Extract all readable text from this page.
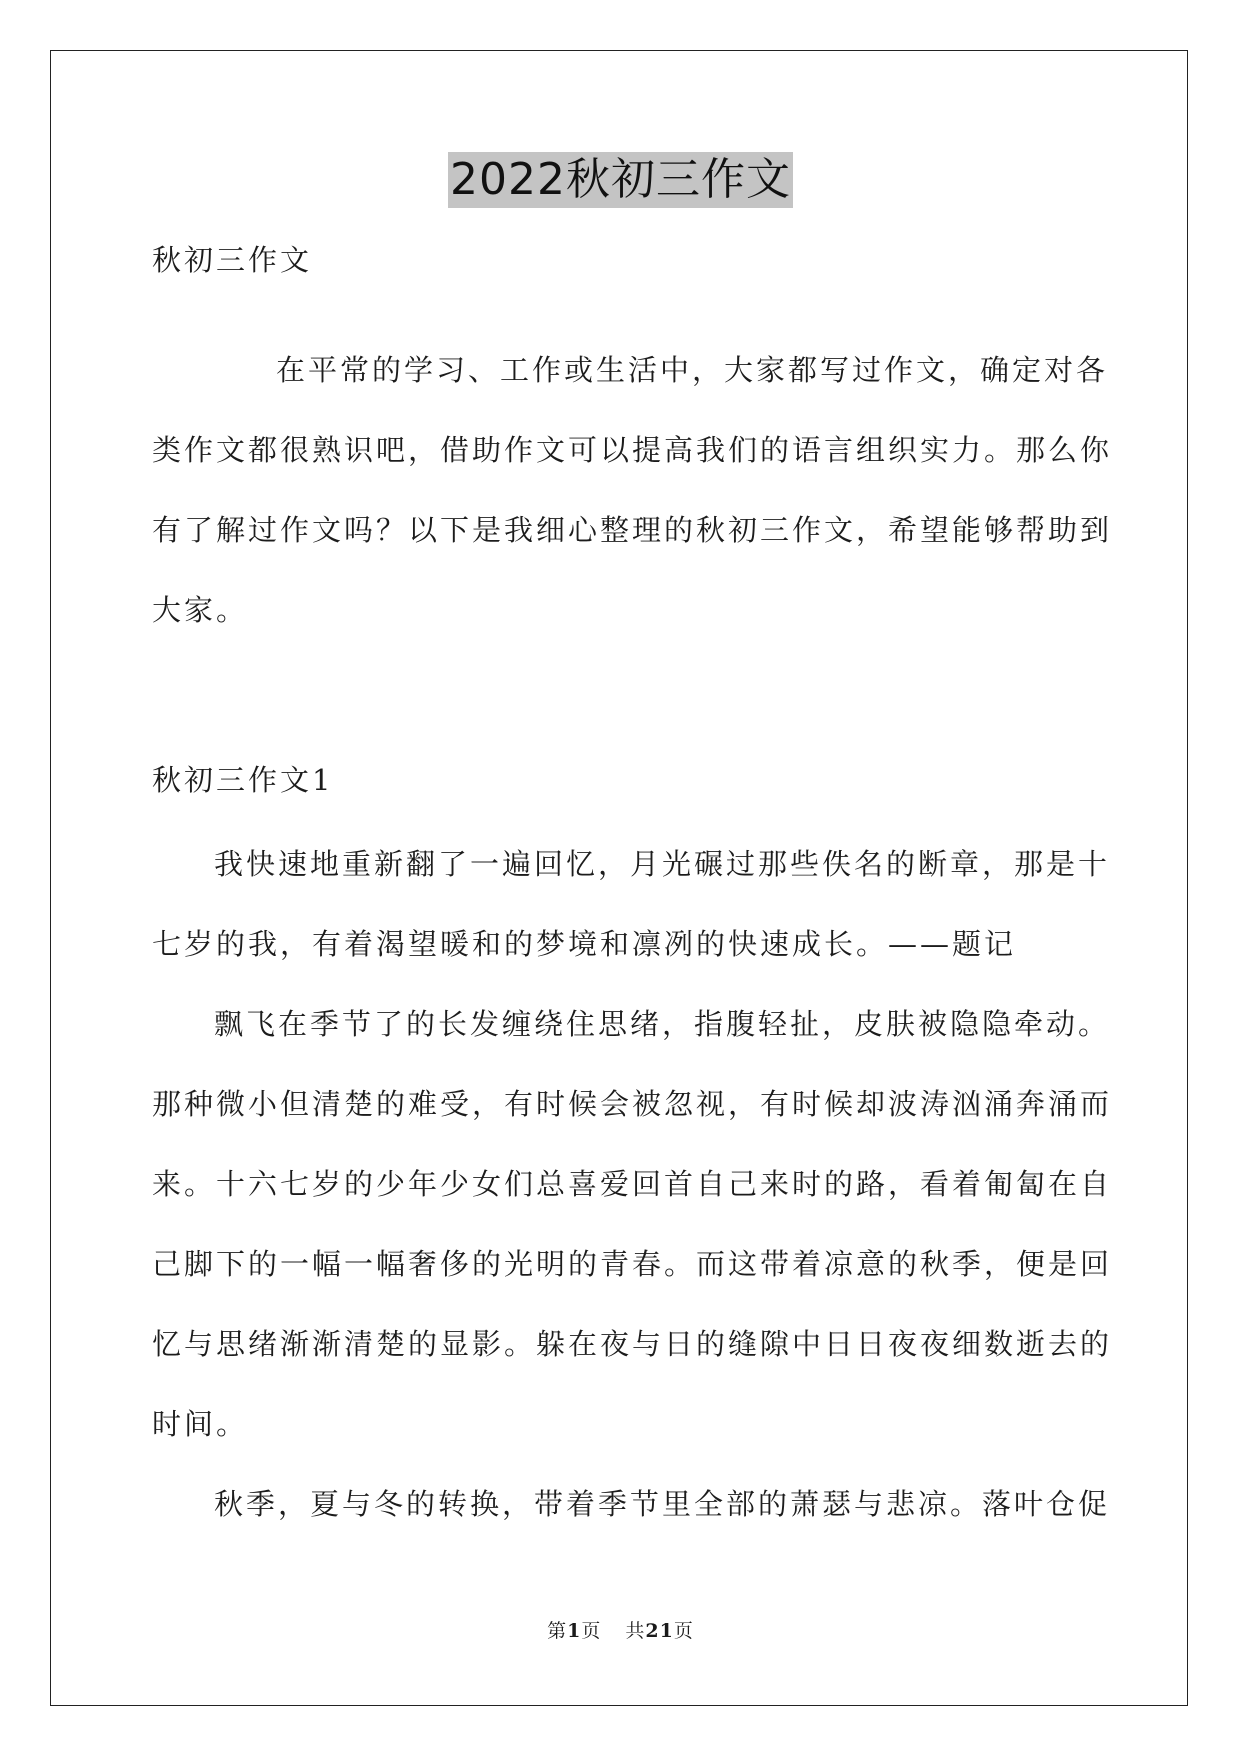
2022秋初三作文
秋初三作文
在平常的学习、工作或生活中，大家都写过作文，确定对各
类作文都很熟识吧，借助作文可以提高我们的语言组织实力。那么你
有了解过作文吗？以下是我细心整理的秋初三作文，希望能够帮助到
大家。
秋初三作文1
我快速地重新翻了一遍回忆，月光碾过那些佚名的断章，那是十
七岁的我，有着渴望暖和的梦境和凛冽的快速成长。——题记
飘飞在季节了的长发缠绕住思绪，指腹轻扯，皮肤被隐隐牵动。
那种微小但清楚的难受，有时候会被忽视，有时候却波涛汹涌奔涌而
来。十六七岁的少年少女们总喜爱回首自己来时的路，看着匍匐在自
己脚下的一幅一幅奢侈的光明的青春。而这带着凉意的秋季，便是回
忆与思绪渐渐清楚的显影。躲在夜与日的缝隙中日日夜夜细数逝去的
时间。
秋季，夏与冬的转换，带着季节里全部的萧瑟与悲凉。落叶仓促
第1页 共21页
